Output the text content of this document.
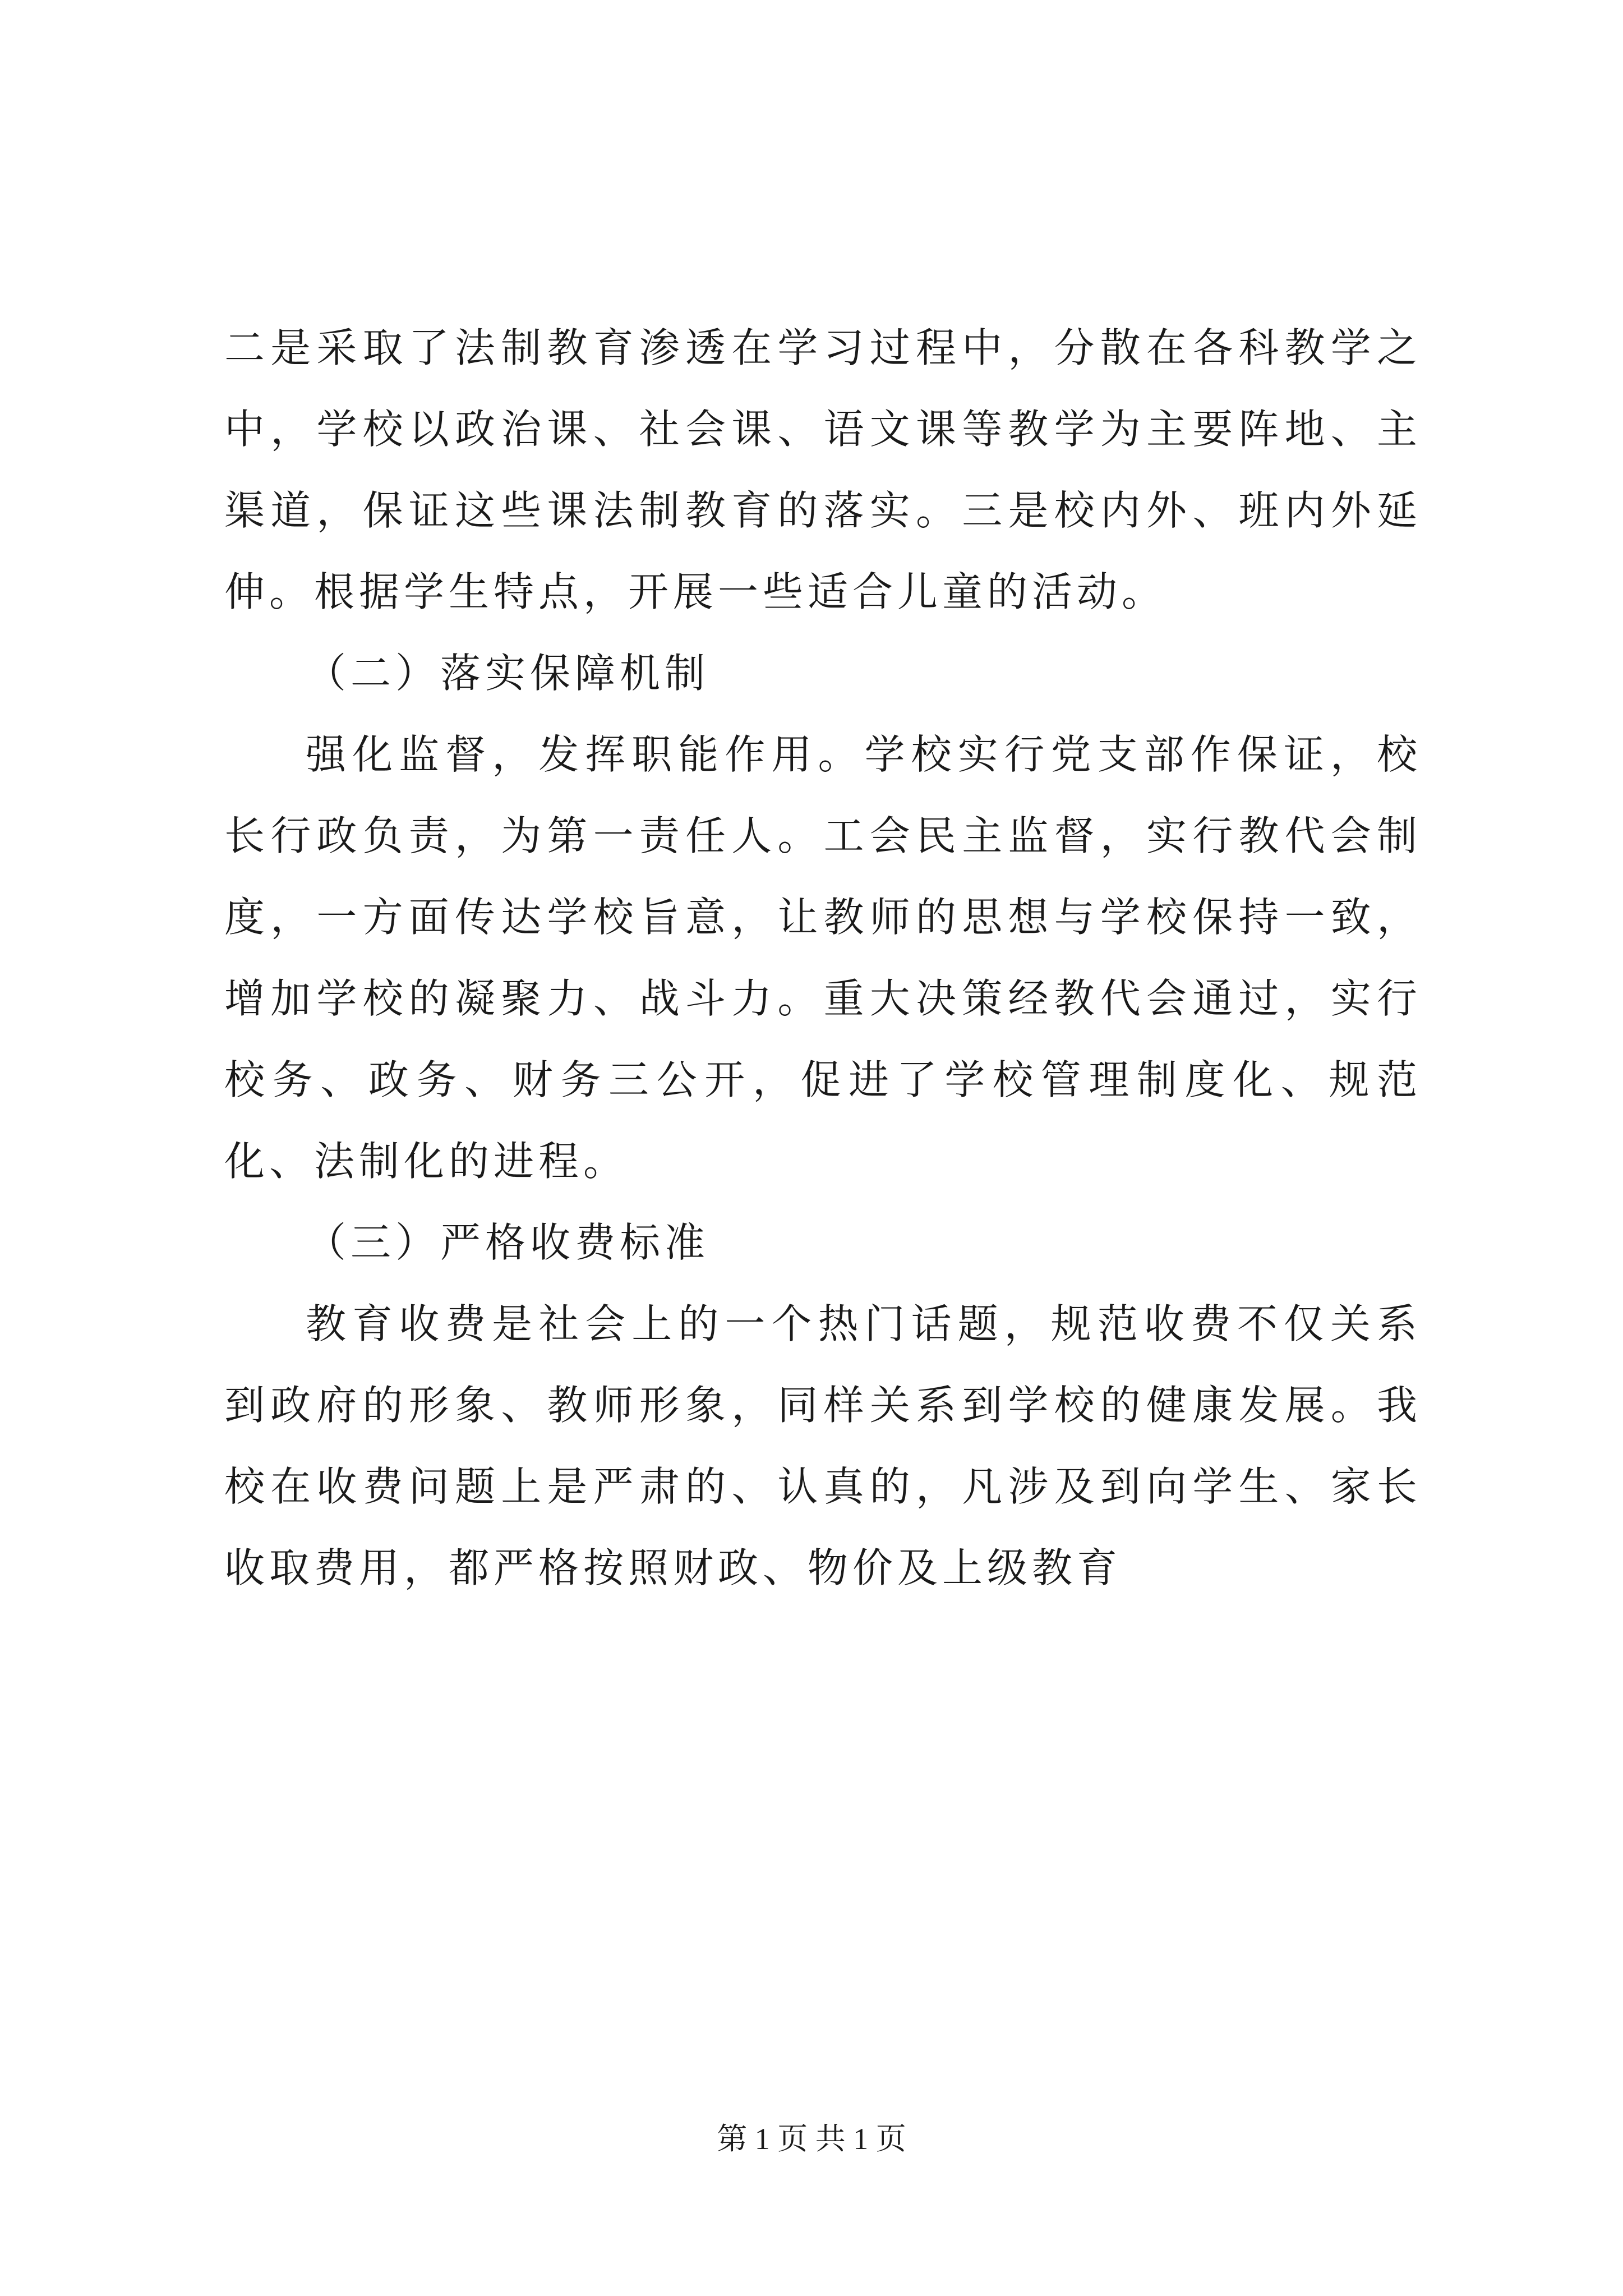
二是采取了法制教育渗透在学习过程中，分散在各科教学之中，学校以政治课、社会课、语文课等教学为主要阵地、主渠道，保证这些课法制教育的落实。三是校内外、班内外延伸。根据学生特点，开展一些适合儿童的活动。

（二）落实保障机制

强化监督，发挥职能作用。学校实行党支部作保证，校长行政负责，为第一责任人。工会民主监督，实行教代会制度，一方面传达学校旨意，让教师的思想与学校保持一致，增加学校的凝聚力、战斗力。重大决策经教代会通过，实行校务、政务、财务三公开，促进了学校管理制度化、规范化、法制化的进程。

（三）严格收费标准

教育收费是社会上的一个热门话题，规范收费不仅关系到政府的形象、教师形象，同样关系到学校的健康发展。我校在收费问题上是严肃的、认真的，凡涉及到向学生、家长收取费用，都严格按照财政、物价及上级教育

第 1 页 共 1 页
